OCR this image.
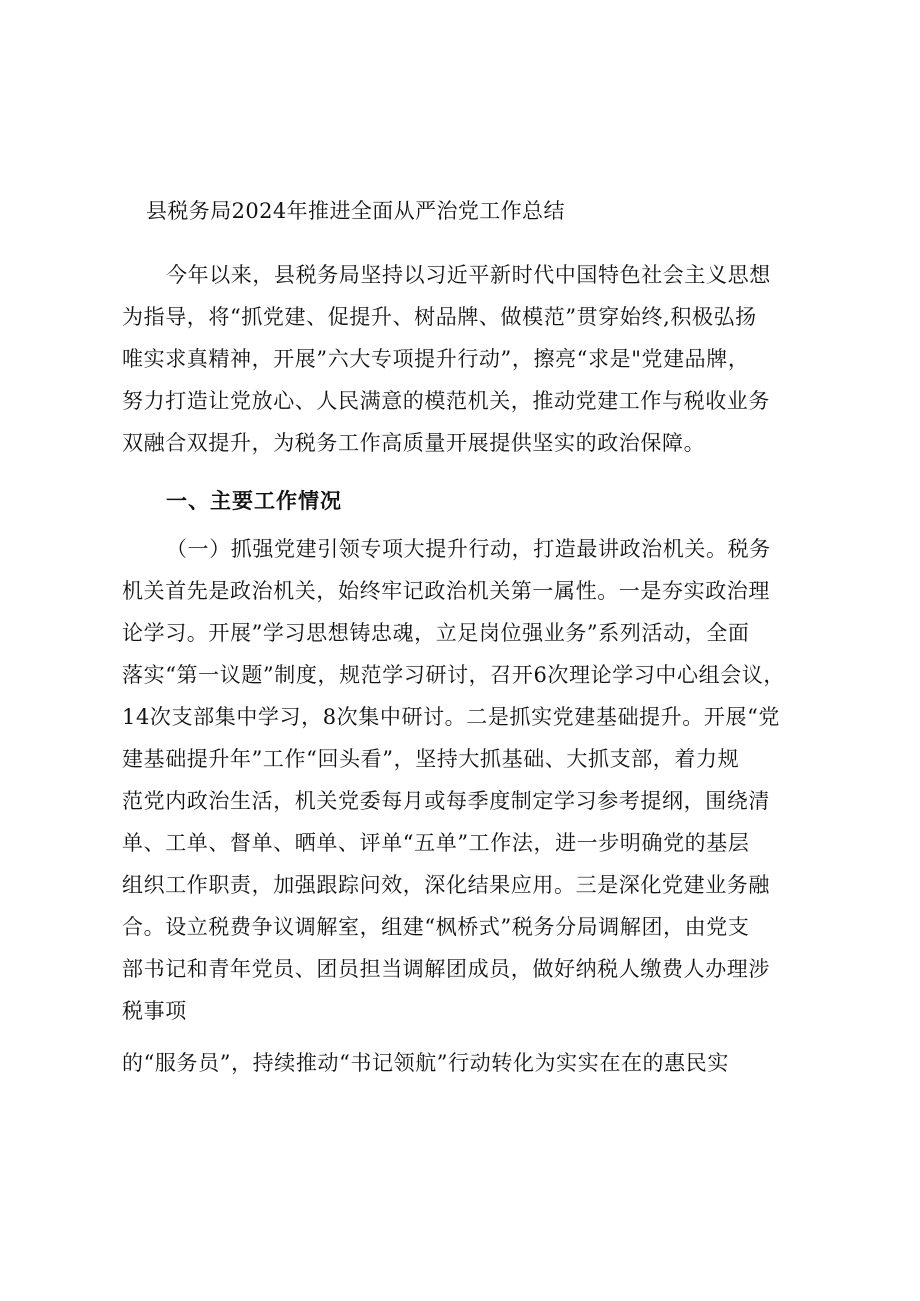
县税务局2024年推进全面从严治党工作总结
今年以来，县税务局坚持以习近平新时代中国特色社会主义思想
为指导，将“抓党建、促提升、树品牌、做模范”贯穿始终,积极弘扬
唯实求真精神，开展”六大专项提升行动”，擦亮“求是"党建品牌，
努力打造让党放心、人民满意的模范机关，推动党建工作与税收业务
双融合双提升，为税务工作高质量开展提供坚实的政治保障。
一、主要工作情况
（一）抓强党建引领专项大提升行动，打造最讲政治机关。税务
机关首先是政治机关，始终牢记政治机关第一属性。一是夯实政治理
论学习。开展”学习思想铸忠魂，立足岗位强业务”系列活动，全面
落实“第一议题”制度，规范学习研讨，召开6次理论学习中心组会议，
14次支部集中学习，8次集中研讨。二是抓实党建基础提升。开展“党
建基础提升年”工作“回头看”，坚持大抓基础、大抓支部，着力规
范党内政治生活，机关党委每月或每季度制定学习参考提纲，围绕清
单、工单、督单、晒单、评单“五单”工作法，进一步明确党的基层
组织工作职责，加强跟踪问效，深化结果应用。三是深化党建业务融
合。设立税费争议调解室，组建“枫桥式”税务分局调解团，由党支
部书记和青年党员、团员担当调解团成员，做好纳税人缴费人办理涉
税事项
的“服务员”，持续推动“书记领航”行动转化为实实在在的惠民实
